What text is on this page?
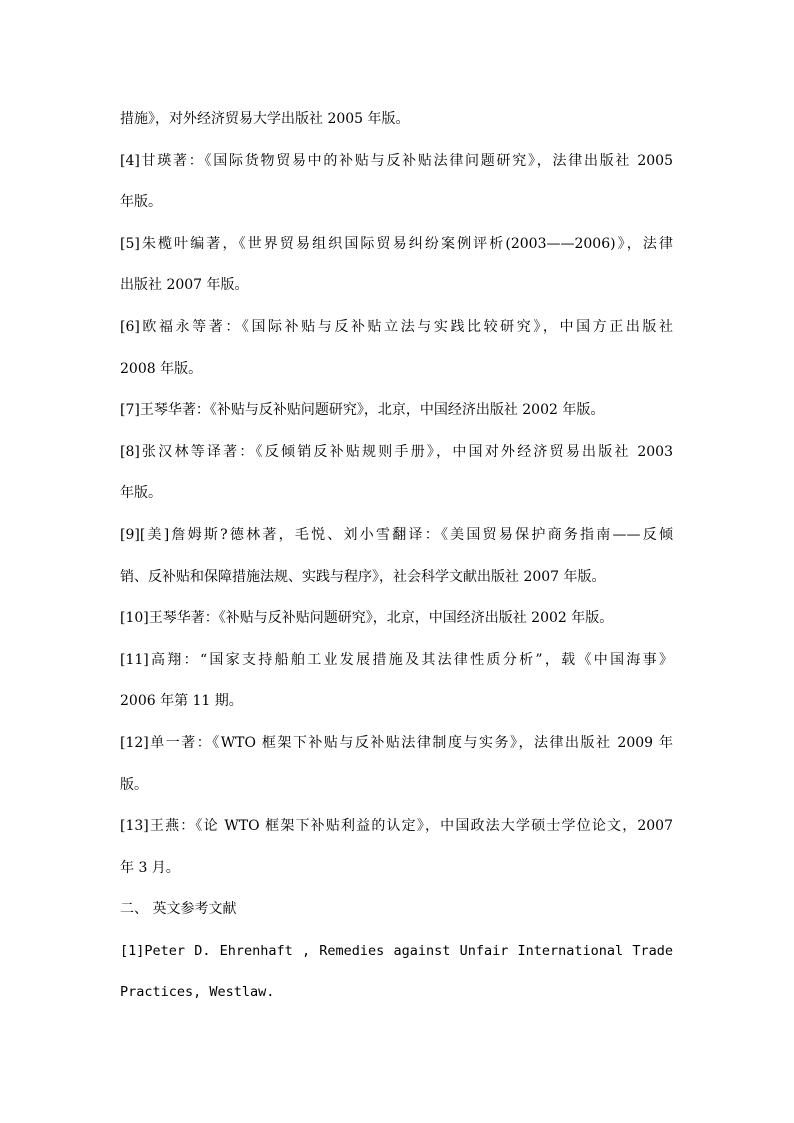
措施》，对外经济贸易大学出版社 2005 年版。
[4]甘瑛著：《国际货物贸易中的补贴与反补贴法律问题研究》，法律出版社 2005
年版。
[5]朱榄叶编著，《世界贸易组织国际贸易纠纷案例评析(2003——2006)》，法律
出版社 2007 年版。
[6]欧福永等著：《国际补贴与反补贴立法与实践比较研究》，中国方正出版社
2008 年版。
[7]王琴华著：《补贴与反补贴问题研究》，北京，中国经济出版社 2002 年版。
[8]张汉林等译著：《反倾销反补贴规则手册》，中国对外经济贸易出版社 2003
年版。
[9][美]詹姆斯?德林著，毛悦、刘小雪翻译：《美国贸易保护商务指南——反倾
销、反补贴和保障措施法规、实践与程序》，社会科学文献出版社 2007 年版。
[10]王琴华著：《补贴与反补贴问题研究》，北京，中国经济出版社 2002 年版。
[11]高翔：“国家支持船舶工业发展措施及其法律性质分析”，载《中国海事》
2006 年第 11 期。
[12]单一著：《WTO 框架下补贴与反补贴法律制度与实务》，法律出版社 2009 年
版。
[13]王燕：《论 WTO 框架下补贴利益的认定》，中国政法大学硕士学位论文，2007
年 3 月。
二、 英文参考文献
[1]Peter D. Ehrenhaft , Remedies against Unfair International Trade
Practices, Westlaw.
